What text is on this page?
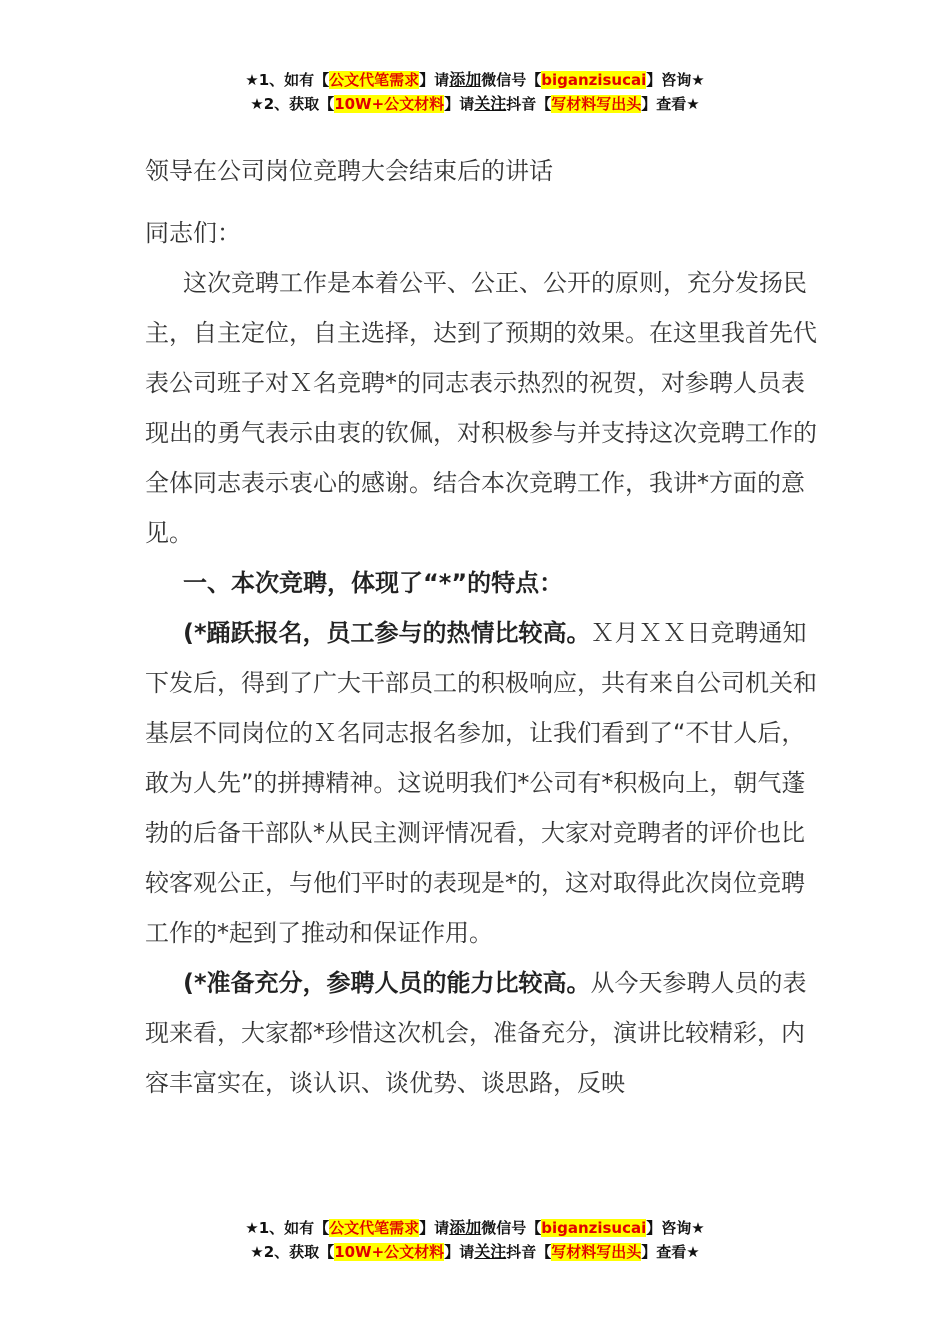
★1、如有【公文代笔需求】请添加微信号【biganzisucai】咨询★
★2、获取【10W+公文材料】请关注抖音【写材料写出头】查看★
领导在公司岗位竞聘大会结束后的讲话
同志们：

这次竞聘工作是本着公平、公正、公开的原则，充分发扬民主，自主定位，自主选择，达到了预期的效果。在这里我首先代表公司班子对Ｘ名竞聘*的同志表示热烈的祝贺，对参聘人员表现出的勇气表示由衷的钦佩，对积极参与并支持这次竞聘工作的全体同志表示衷心的感谢。结合本次竞聘工作，我讲*方面的意见。

一、本次竞聘，体现了“*”的特点：

(*踊跃报名，员工参与的热情比较高。Ｘ月ＸＸ日竞聘通知下发后，得到了广大干部员工的积极响应，共有来自公司机关和基层不同岗位的Ｘ名同志报名参加，让我们看到了“不甘人后，敢为人先”的拼搏精神。这说明我们*公司有*积极向上，朝气蓬勃的后备干部队*从民主测评情况看，大家对竞聘者的评价也比较客观公正，与他们平时的表现是*的，这对取得此次岗位竞聘工作的*起到了推动和保证作用。

(*准备充分，参聘人员的能力比较高。从今天参聘人员的表现来看，大家都*珍惜这次机会，准备充分，演讲比较精彩，内容丰富实在，谈认识、谈优势、谈思路，反映

★1、如有【公文代笔需求】请添加微信号【biganzisucai】咨询★
★2、获取【10W+公文材料】请关注抖音【写材料写出头】查看★
